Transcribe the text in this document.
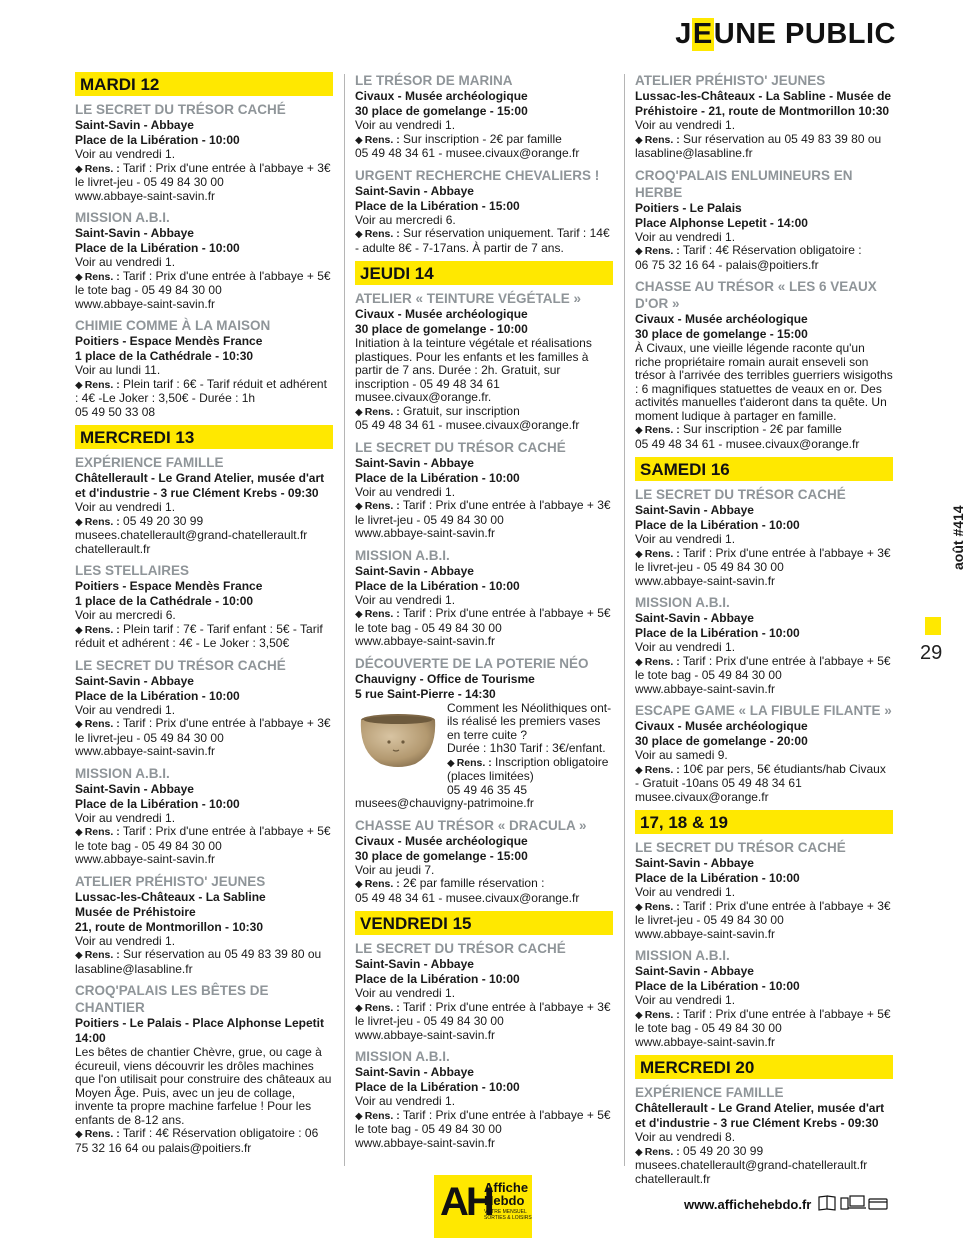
JEUNE PUBLIC
MARDI 12
LE SECRET DU TRÉSOR CACHÉ
Saint-Savin - Abbaye
Place de la Libération - 10:00
Voir au vendredi 1.
◆ Rens. : Tarif : Prix d'une entrée à l'abbaye + 3€ le livret-jeu - 05 49 84 30 00
www.abbaye-saint-savin.fr
MISSION A.B.I.
Saint-Savin - Abbaye
Place de la Libération - 10:00
Voir au vendredi 1.
◆ Rens. : Tarif : Prix d'une entrée à l'abbaye + 5€ le tote bag - 05 49 84 30 00
www.abbaye-saint-savin.fr
CHIMIE COMME À LA MAISON
Poitiers - Espace Mendès France
1 place de la Cathédrale - 10:30
Voir au lundi 11.
◆ Rens. : Plein tarif : 6€ - Tarif réduit et adhérent : 4€ -Le Joker : 3,50€ - Durée : 1h
05 49 50 33 08
MERCREDI 13
EXPÉRIENCE FAMILLE
Châtellerault - Le Grand Atelier, musée d'art et d'industrie - 3 rue Clément Krebs - 09:30
Voir au vendredi 1.
◆ Rens. : 05 49 20 30 99
musees.chatellerault@grand-chatellerault.fr
chatellerault.fr
LES STELLAIRES
Poitiers - Espace Mendès France
1 place de la Cathédrale - 10:00
Voir au mercredi 6.
◆ Rens. : Plein tarif : 7€ - Tarif enfant : 5€ - Tarif réduit et adhérent : 4€ - Le Joker : 3,50€
LE SECRET DU TRÉSOR CACHÉ
Saint-Savin - Abbaye
Place de la Libération - 10:00
Voir au vendredi 1.
◆ Rens. : Tarif : Prix d'une entrée à l'abbaye + 3€ le livret-jeu - 05 49 84 30 00
www.abbaye-saint-savin.fr
MISSION A.B.I.
Saint-Savin - Abbaye
Place de la Libération - 10:00
Voir au vendredi 1.
◆ Rens. : Tarif : Prix d'une entrée à l'abbaye + 5€ le tote bag - 05 49 84 30 00
www.abbaye-saint-savin.fr
ATELIER PRÉHISTO' JEUNES
Lussac-les-Châteaux - La Sabline
Musée de Préhistoire
21, route de Montmorillon - 10:30
Voir au vendredi 1.
◆ Rens. : Sur réservation au 05 49 83 39 80 ou lasabline@lasabline.fr
CROQ'PALAIS LES BÊTES DE CHANTIER
Poitiers - Le Palais - Place Alphonse Lepetit 14:00
Les bêtes de chantier Chèvre, grue, ou cage à écureuil, viens découvrir les drôles machines que l'on utilisait pour construire des châteaux au Moyen Âge. Puis, avec un jeu de collage, invente ta propre machine farfelue ! Pour les enfants de 8-12 ans.
◆ Rens. : Tarif : 4€ Réservation obligatoire : 06 75 32 16 64 ou palais@poitiers.fr
LE TRÉSOR DE MARINA
Civaux - Musée archéologique
30 place de gomelange - 15:00
Voir au vendredi 1.
◆ Rens. : Sur inscription - 2€ par famille
05 49 48 34 61 - musee.civaux@orange.fr
URGENT RECHERCHE CHEVALIERS !
Saint-Savin - Abbaye
Place de la Libération - 15:00
Voir au mercredi 6.
◆ Rens. : Sur réservation uniquement. Tarif : 14€ - adulte 8€ - 7-17ans. À partir de 7 ans.
JEUDI 14
ATELIER « TEINTURE VÉGÉTALE »
Civaux - Musée archéologique
30 place de gomelange - 10:00
Initiation à la teinture végétale et réalisations plastiques. Pour les enfants et les familles à partir de 7 ans. Durée : 2h. Gratuit, sur inscription - 05 49 48 34 61
musee.civaux@orange.fr.
◆ Rens. : Gratuit, sur inscription
05 49 48 34 61 - musee.civaux@orange.fr
LE SECRET DU TRÉSOR CACHÉ
Saint-Savin - Abbaye
Place de la Libération - 10:00
Voir au vendredi 1.
◆ Rens. : Tarif : Prix d'une entrée à l'abbaye + 3€ le livret-jeu - 05 49 84 30 00
www.abbaye-saint-savin.fr
MISSION A.B.I.
Saint-Savin - Abbaye
Place de la Libération - 10:00
Voir au vendredi 1.
◆ Rens. : Tarif : Prix d'une entrée à l'abbaye + 5€ le tote bag - 05 49 84 30 00
www.abbaye-saint-savin.fr
DÉCOUVERTE DE LA POTERIE NÉO
Chauvigny - Office de Tourisme
5 rue Saint-Pierre - 14:30
Comment les Néolithiques ont-ils réalisé les premiers vases en terre cuite ?
Durée : 1h30 Tarif : 3€/enfant.
◆ Rens. : Inscription obligatoire (places limitées)
05 49 46 35 45
musees@chauvigny-patrimoine.fr
CHASSE AU TRÉSOR « DRACULA »
Civaux - Musée archéologique
30 place de gomelange - 15:00
Voir au jeudi 7.
◆ Rens. : 2€ par famille réservation :
05 49 48 34 61 - musee.civaux@orange.fr
VENDREDI 15
LE SECRET DU TRÉSOR CACHÉ
Saint-Savin - Abbaye
Place de la Libération - 10:00
Voir au vendredi 1.
◆ Rens. : Tarif : Prix d'une entrée à l'abbaye + 3€ le livret-jeu - 05 49 84 30 00
www.abbaye-saint-savin.fr
MISSION A.B.I.
Saint-Savin - Abbaye
Place de la Libération - 10:00
Voir au vendredi 1.
◆ Rens. : Tarif : Prix d'une entrée à l'abbaye + 5€ le tote bag - 05 49 84 30 00
www.abbaye-saint-savin.fr
ATELIER PRÉHISTO' JEUNES
Lussac-les-Châteaux - La Sabline - Musée de Préhistoire - 21, route de Montmorillon 10:30
Voir au vendredi 1.
◆ Rens. : Sur réservation au 05 49 83 39 80 ou lasabline@lasabline.fr
CROQ'PALAIS ENLUMINEURS EN HERBE
Poitiers - Le Palais
Place Alphonse Lepetit - 14:00
Voir au vendredi 1.
◆ Rens. : Tarif : 4€ Réservation obligatoire :
06 75 32 16 64 - palais@poitiers.fr
CHASSE AU TRÉSOR « LES 6 VEAUX D'OR »
Civaux - Musée archéologique
30 place de gomelange - 15:00
À Civaux, une vieille légende raconte qu'un riche propriétaire romain aurait enseveli son trésor à l'arrivée des terribles guerriers wisigoths : 6 magnifiques statuettes de veaux en or. Des activités manuelles t'aideront dans ta quête. Un moment ludique à partager en famille.
◆ Rens. : Sur inscription - 2€ par famille
05 49 48 34 61 - musee.civaux@orange.fr
SAMEDI 16
LE SECRET DU TRÉSOR CACHÉ
Saint-Savin - Abbaye
Place de la Libération - 10:00
Voir au vendredi 1.
◆ Rens. : Tarif : Prix d'une entrée à l'abbaye + 3€ le livret-jeu - 05 49 84 30 00
www.abbaye-saint-savin.fr
MISSION A.B.I.
Saint-Savin - Abbaye
Place de la Libération - 10:00
Voir au vendredi 1.
◆ Rens. : Tarif : Prix d'une entrée à l'abbaye + 5€ le tote bag - 05 49 84 30 00
www.abbaye-saint-savin.fr
ESCAPE GAME « LA FIBULE FILANTE »
Civaux - Musée archéologique
30 place de gomelange - 20:00
Voir au samedi 9.
◆ Rens. : 10€ par pers, 5€ étudiants/hab Civaux - Gratuit -10ans 05 49 48 34 61
musee.civaux@orange.fr
17, 18 & 19
LE SECRET DU TRÉSOR CACHÉ
Saint-Savin - Abbaye
Place de la Libération - 10:00
Voir au vendredi 1.
◆ Rens. : Tarif : Prix d'une entrée à l'abbaye + 3€ le livret-jeu - 05 49 84 30 00
www.abbaye-saint-savin.fr
MISSION A.B.I.
Saint-Savin - Abbaye
Place de la Libération - 10:00
Voir au vendredi 1.
◆ Rens. : Tarif : Prix d'une entrée à l'abbaye + 5€ le tote bag - 05 49 84 30 00
www.abbaye-saint-savin.fr
MERCREDI 20
EXPÉRIENCE FAMILLE
Châtellerault - Le Grand Atelier, musée d'art et d'industrie - 3 rue Clément Krebs - 09:30
Voir au vendredi 8.
◆ Rens. : 05 49 20 30 99 musees.chatellerault@grand-chatellerault.fr chatellerault.fr
août #414
29
AH
Affiche
Hebdo
VOTRE MENSUEL
SORTIES & LOISIRS
www.affichehebdo.fr
